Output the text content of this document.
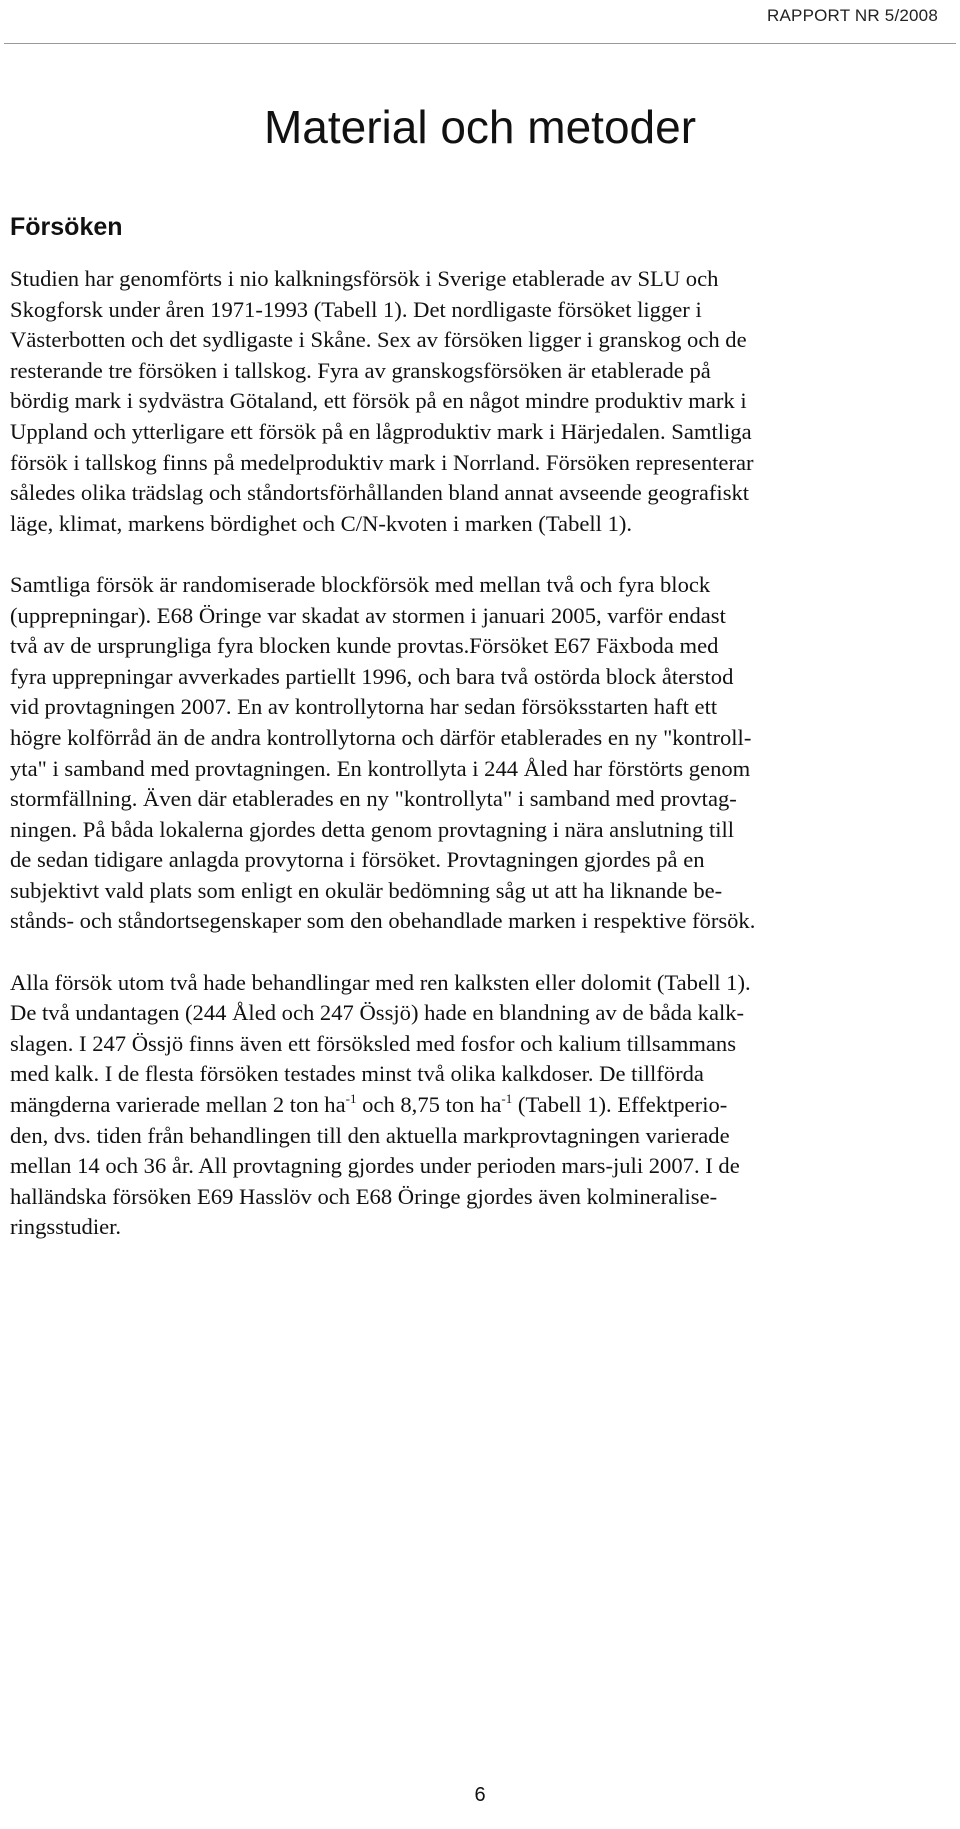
RAPPORT NR 5/2008
Material och metoder
Försöken

Studien har genomförts i nio kalkningsförsök i Sverige etablerade av SLU och
Skogforsk under åren 1971-1993 (Tabell 1). Det nordligaste försöket ligger i
Västerbotten och det sydligaste i Skåne. Sex av försöken ligger i granskog och de
resterande tre försöken i tallskog. Fyra av granskogsförsöken är etablerade på
bördig mark i sydvästra Götaland, ett försök på en något mindre produktiv mark i
Uppland och ytterligare ett försök på en lågproduktiv mark i Härjedalen. Samtliga
försök i tallskog finns på medelproduktiv mark i Norrland. Försöken representerar
således olika trädslag och ståndortsförhållanden bland annat avseende geografiskt
läge, klimat, markens bördighet och C/N-kvoten i marken (Tabell 1).

Samtliga försök är randomiserade blockförsök med mellan två och fyra block
(upprepningar). E68 Öringe var skadat av stormen i januari 2005, varför endast
två av de ursprungliga fyra blocken kunde provtas.Försöket E67 Fäxboda med
fyra upprepningar avverkades partiellt 1996, och bara två ostörda block återstod
vid provtagningen 2007. En av kontrollytorna har sedan försöksstarten haft ett
högre kolförråd än de andra kontrollytorna och därför etablerades en ny "kontroll-
yta" i samband med provtagningen. En kontrollyta i 244 Åled har förstörts genom
stormfällning. Även där etablerades en ny "kontrollyta" i samband med provtag-
ningen. På båda lokalerna gjordes detta genom provtagning i nära anslutning till
de sedan tidigare anlagda provytorna i försöket. Provtagningen gjordes på en
subjektivt vald plats som enligt en okulär bedömning såg ut att ha liknande be-
stånds- och ståndortsegenskaper som den obehandlade marken i respektive försök.

Alla försök utom två hade behandlingar med ren kalksten eller dolomit (Tabell 1).
De två undantagen (244 Åled och 247 Össjö) hade en blandning av de båda kalk-
slagen. I 247 Össjö finns även ett försöksled med fosfor och kalium tillsammans
med kalk. I de flesta försöken testades minst två olika kalkdoser. De tillförda
mängderna varierade mellan 2 ton $ha^{-1}$ och 8,75 ton $ha^{-1}$ (Tabell 1). Effektperio-
den, dvs. tiden från behandlingen till den aktuella markprovtagningen varierade
mellan 14 och 36 år. All provtagning gjordes under perioden mars-juli 2007. I de
halländska försöken E69 Hasslöv och E68 Öringe gjordes även kolmineralise-
ringsstudier.

6
